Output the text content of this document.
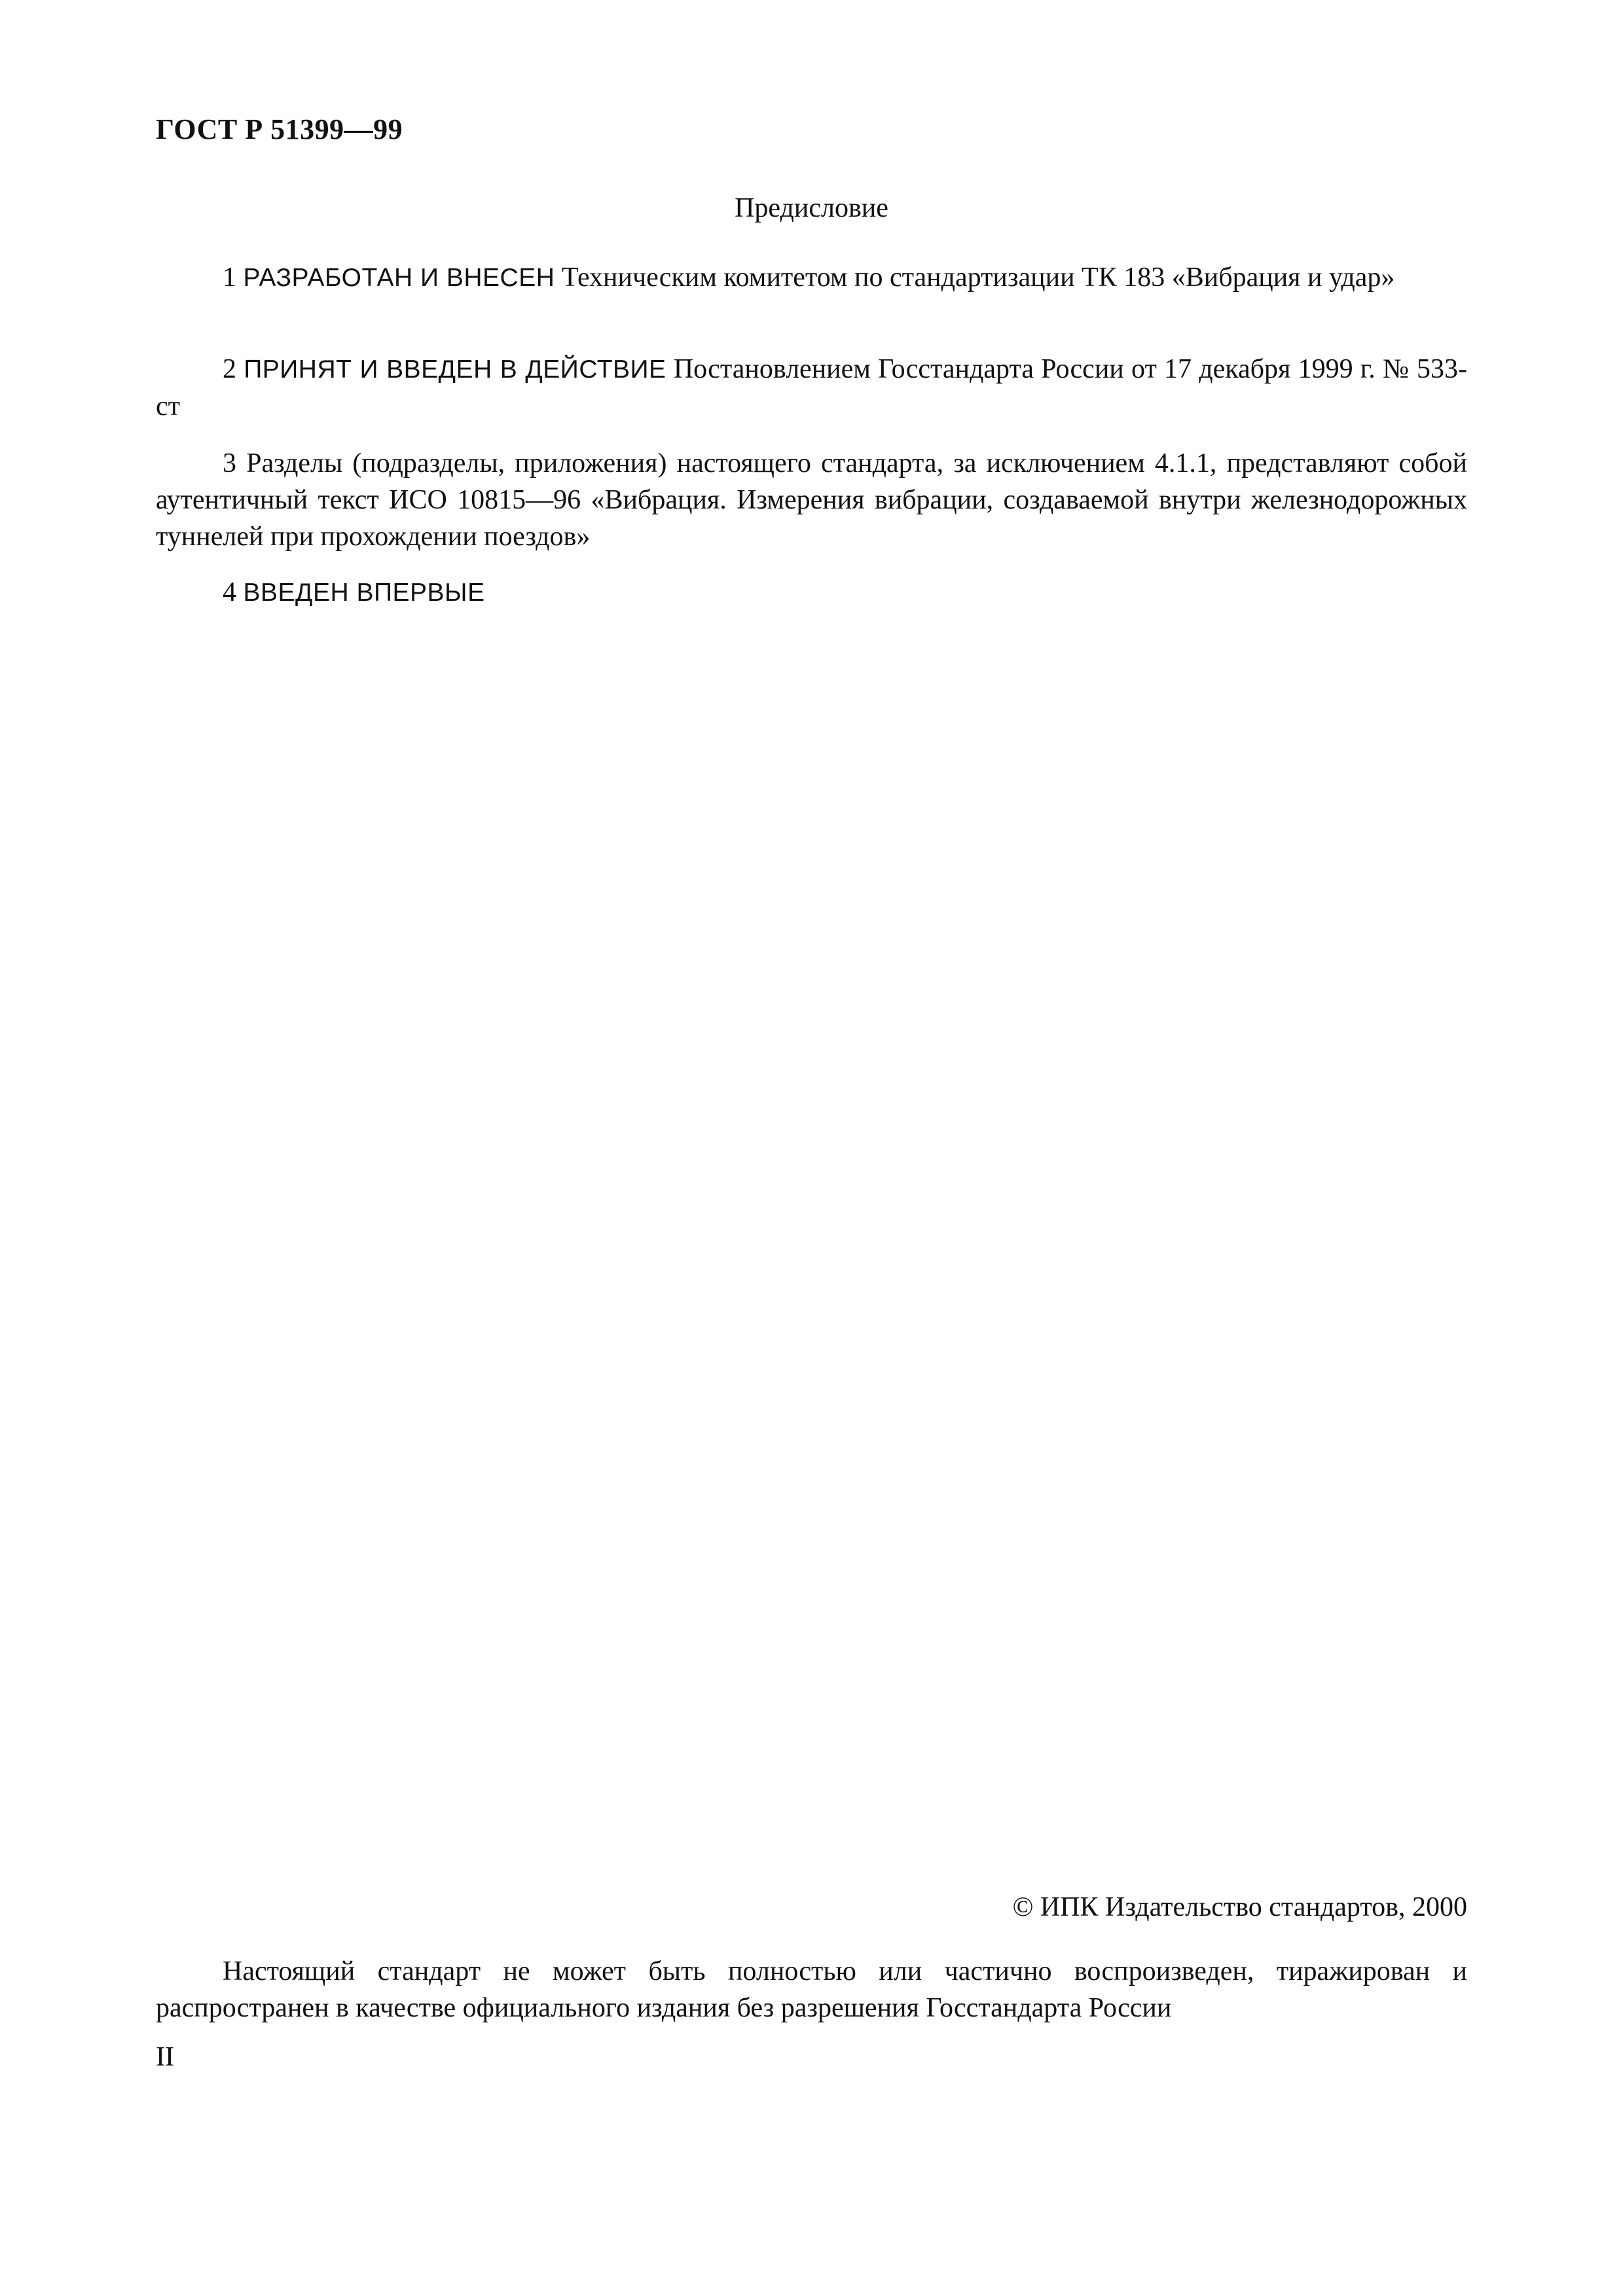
ГОСТ Р 51399—99
Предисловие

1 РАЗРАБОТАН И ВНЕСЕН Техническим комитетом по стандартизации ТК 183 «Вибрация и удар»

2 ПРИНЯТ И ВВЕДЕН В ДЕЙСТВИЕ Постановлением Госстандарта России от 17 декабря 1999 г. № 533-ст

3 Разделы (подразделы, приложения) настоящего стандарта, за исключением 4.1.1, представляют собой аутентичный текст ИСО 10815—96 «Вибрация. Измерения вибрации, создаваемой внутри железнодорожных туннелей при прохождении поездов»

4 ВВЕДЕН ВПЕРВЫЕ

© ИПК Издательство стандартов, 2000

Настоящий стандарт не может быть полностью или частично воспроизведен, тиражирован и распространен в качестве официального издания без разрешения Госстандарта России

II
